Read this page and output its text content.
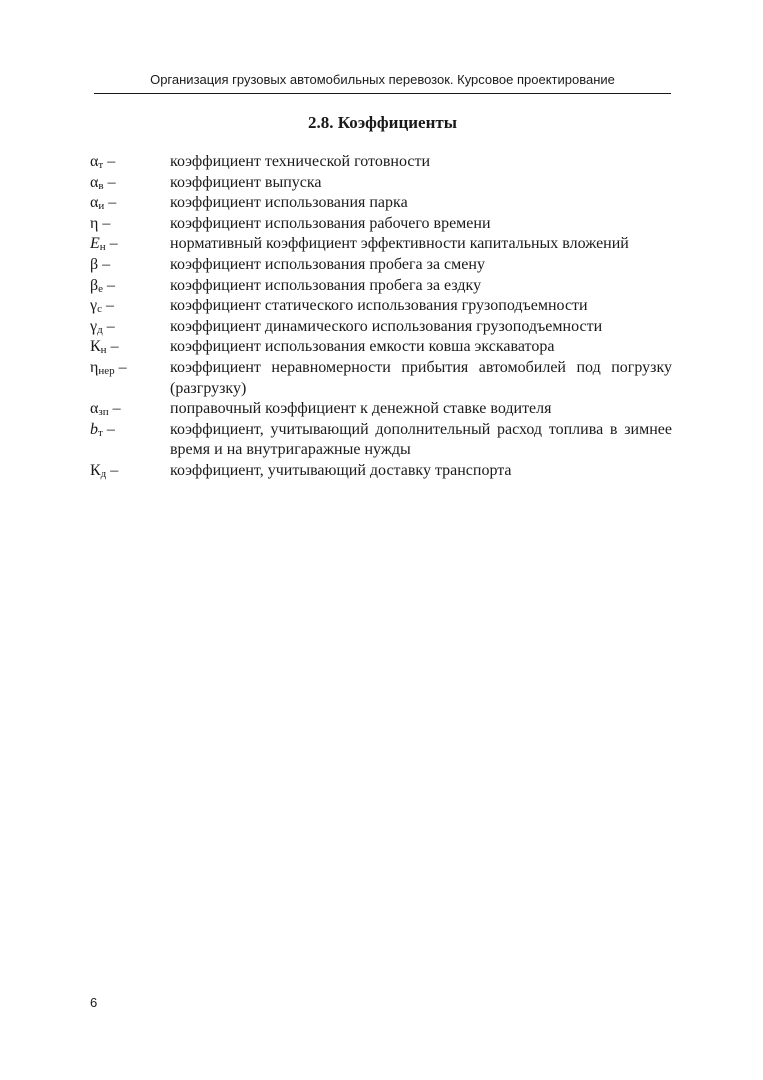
Организация грузовых автомобильных перевозок. Курсовое проектирование
2.8. Коэффициенты
$\alpha_т$ –	коэффициент технической готовности
$\alpha_в$ –	коэффициент выпуска
$\alpha_и$ –	коэффициент использования парка
η –	коэффициент использования рабочего времени
$E_н$ –	нормативный коэффициент эффективности капитальных вложений
β –	коэффициент использования пробега за смену
$\beta_е$ –	коэффициент использования пробега за ездку
$\gamma_с$ –	коэффициент статического использования грузоподъемности
$\gamma_д$ –	коэффициент динамического использования грузоподъемности
$К_н$ –	коэффициент использования емкости ковша экскаватора
$\eta_{нер}$ –	коэффициент неравномерности прибытия автомобилей под погрузку (разгрузку)
$\alpha_{зп}$ –	поправочный коэффициент к денежной ставке водителя
$b_т$ –	коэффициент, учитывающий дополнительный расход топлива в зимнее время и на внутригаражные нужды
$К_д$ –	коэффициент, учитывающий доставку транспорта
6
